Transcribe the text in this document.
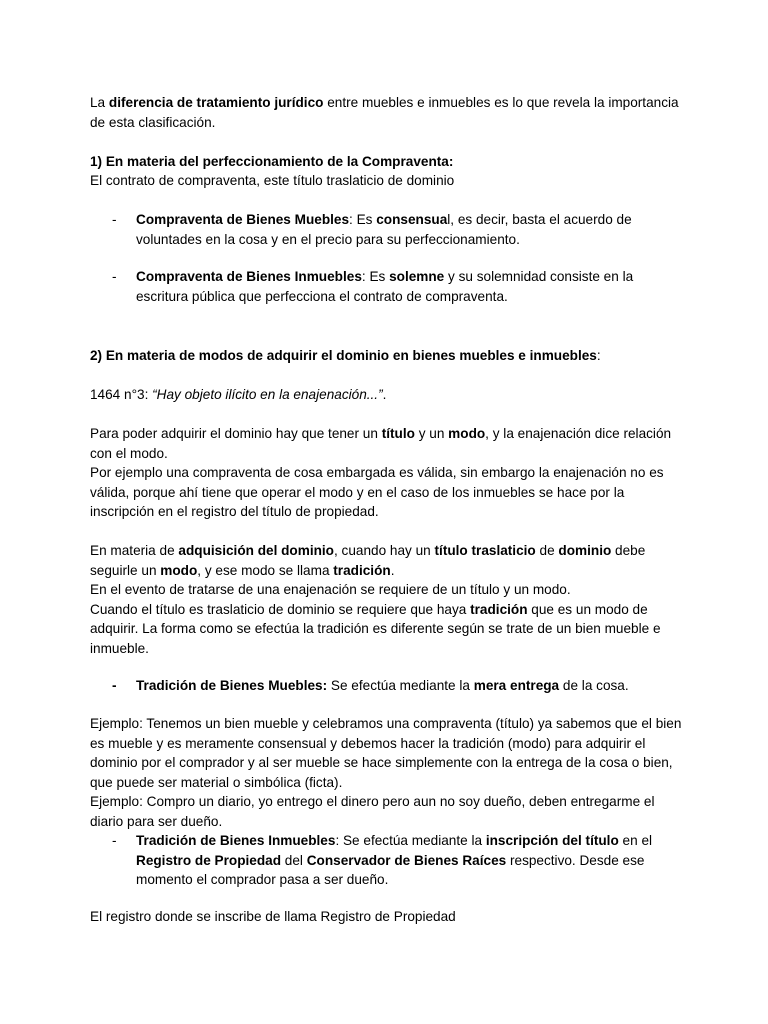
La diferencia de tratamiento jurídico entre muebles e inmuebles es lo que revela la importancia de esta clasificación.

1) En materia del perfeccionamiento de la Compraventa:

El contrato de compraventa, este título traslaticio de dominio

- Compraventa de Bienes Muebles: Es consensual, es decir, basta el acuerdo de voluntades en la cosa y en el precio para su perfeccionamiento.
- Compraventa de Bienes Inmuebles: Es solemne y su solemnidad consiste en la escritura pública que perfecciona el contrato de compraventa.

2) En materia de modos de adquirir el dominio en bienes muebles e inmuebles:

1464 n°3: “Hay objeto ilícito en la enajenación...”.

Para poder adquirir el dominio hay que tener un título y un modo, y la enajenación dice relación con el modo.

Por ejemplo una compraventa de cosa embargada es válida, sin embargo la enajenación no es válida, porque ahí tiene que operar el modo y en el caso de los inmuebles se hace por la inscripción en el registro del título de propiedad.

En materia de adquisición del dominio, cuando hay un título traslaticio de dominio debe seguirle un modo, y ese modo se llama tradición.

En el evento de tratarse de una enajenación se requiere de un título y un modo.

Cuando el título es traslaticio de dominio se requiere que haya tradición que es un modo de adquirir. La forma como se efectúa la tradición es diferente según se trate de un bien mueble e inmueble.

- Tradición de Bienes Muebles: Se efectúa mediante la mera entrega de la cosa.

Ejemplo: Tenemos un bien mueble y celebramos una compraventa (título) ya sabemos que el bien es mueble y es meramente consensual y debemos hacer la tradición (modo) para adquirir el dominio por el comprador y al ser mueble se hace simplemente con la entrega de la cosa o bien, que puede ser material o simbólica (ficta).

Ejemplo: Compro un diario, yo entrego el dinero pero aun no soy dueño, deben entregarme el diario para ser dueño.

- Tradición de Bienes Inmuebles: Se efectúa mediante la inscripción del título en el Registro de Propiedad del Conservador de Bienes Raíces respectivo. Desde ese momento el comprador pasa a ser dueño.

El registro donde se inscribe de llama Registro de Propiedad
